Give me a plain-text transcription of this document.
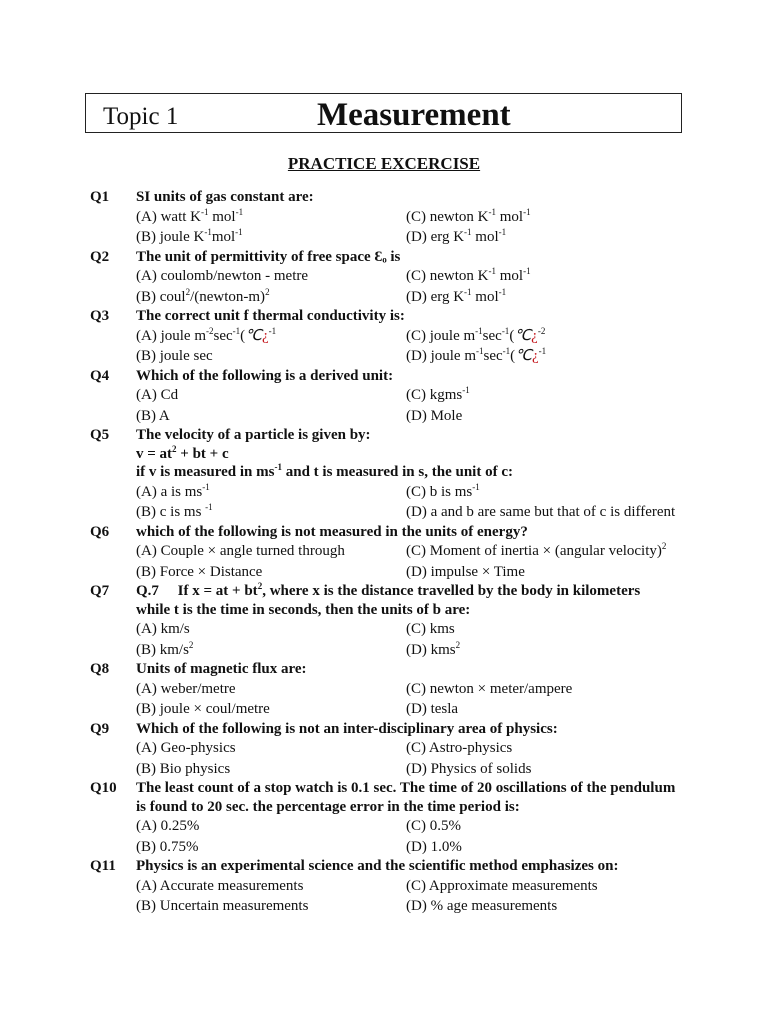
Topic 1	Measurement
PRACTICE EXCERCISE
Q1 SI units of gas constant are:
(A) watt $K^{-1}$ mol$^{-1}$	(C) newton $K^{-1}$ mol$^{-1}$
(B) joule $K^{-1}mol^{-1}$	(D) erg $K^{-1}$ mol$^{-1}$
Q2 The unit of permittivity of free space Ɛₒ is
(A) coulomb/newton - metre	(C) newton $K^{-1}$ mol$^{-1}$
(B) coul$^2$/(newton-m)$^2$	(D) erg $K^{-1}$ mol$^{-1}$
Q3 The correct unit f thermal conductivity is:
(A) joule $m^{-2}\sec^{-1}(℃¿^{-1}$	(C) joule $m^{-1}\sec^{-1}(℃¿^{-2}$
(B) joule sec	(D) joule $m^{-1}\sec^{-1}(℃¿^{-1}$
Q4 Which of the following is a derived unit:
(A) Cd	(C) kgms$^{-1}$
(B) A	(D) Mole
Q5 The velocity of a particle is given by:
$v = at^2$ + bt + c
if v is measured in $ms^{-1}$ and t is measured in s, the unit of c:
(A) a is $ms^{-1}$	(C) b is $ms^{-1}$
(B) c is ms $^{-1}$	(D) a and b are same but that of c is different
Q6 which of the following is not measured in the units of energy?
(A) Couple × angle turned through	(C) Moment of inertia × (angular velocity)$^2$
(B) Force × Distance	(D) impulse × Time
Q7 Q.7     If x = at + $bt^2$, where x is the distance travelled by the body in kilometers
while t is the time in seconds, then the units of b are:
(A) km/s	(C) kms
(B) $km/s^2$	(D) kms$^2$
Q8 Units of magnetic flux are:
(A) weber/metre	(C) newton × meter/ampere
(B) joule × coul/metre	(D) tesla
Q9 Which of the following is not an inter-disciplinary area of physics:
(A) Geo-physics	(C) Astro-physics
(B) Bio physics	(D) Physics of solids
Q10 The least count of a stop watch is 0.1 sec. The time of 20 oscillations of the pendulum
is found to 20 sec. the percentage error in the time period is:
(A) 0.25%	(C) 0.5%
(B) 0.75%	(D) 1.0%
Q11 Physics is an experimental science and the scientific method emphasizes on:
(A) Accurate measurements	(C) Approximate measurements
(B) Uncertain measurements	(D) % age measurements
